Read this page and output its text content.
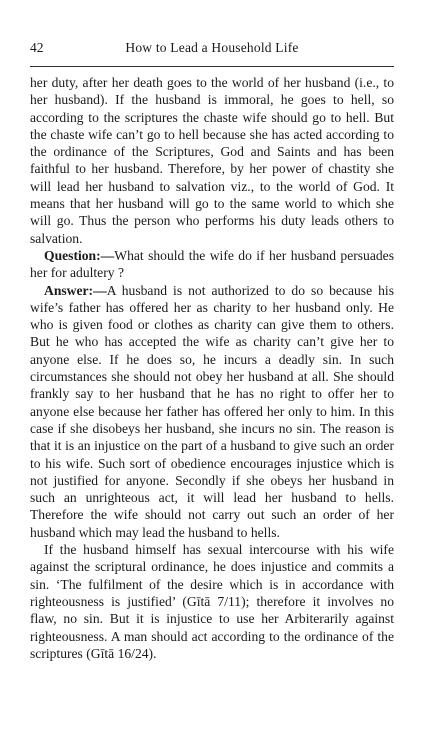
42	How to Lead a Household Life

her duty, after her death goes to the world of her husband (i.e., to her husband). If the husband is immoral, he goes to hell, so according to the scriptures the chaste wife should go to hell. But the chaste wife can’t go to hell because she has acted according to the ordinance of the Scriptures, God and Saints and has been faithful to her husband. Therefore, by her power of chastity she will lead her husband to salvation viz., to the world of God. It means that her husband will go to the same world to which she will go. Thus the person who performs his duty leads others to salvation.

Question:—What should the wife do if her husband persuades her for adultery ?

Answer:—A husband is not authorized to do so because his wife’s father has offered her as charity to her husband only. He who is given food or clothes as charity can give them to others. But he who has accepted the wife as charity can’t give her to anyone else. If he does so, he incurs a deadly sin. In such circumstances she should not obey her husband at all. She should frankly say to her husband that he has no right to offer her to anyone else because her father has offered her only to him. In this case if she disobeys her husband, she incurs no sin. The reason is that it is an injustice on the part of a husband to give such an order to his wife. Such sort of obedience encourages injustice which is not justified for anyone. Secondly if she obeys her husband in such an unrighteous act, it will lead her husband to hells. Therefore the wife should not carry out such an order of her husband which may lead the husband to hells.

If the husband himself has sexual intercourse with his wife against the scriptural ordinance, he does injustice and commits a sin. ‘The fulfilment of the desire which is in accordance with righteousness is justified’ (Gītā 7/11); therefore it involves no flaw, no sin. But it is injustice to use her Arbiterarily against righteousness. A man should act according to the ordinance of the scriptures (Gītā 16/24).
